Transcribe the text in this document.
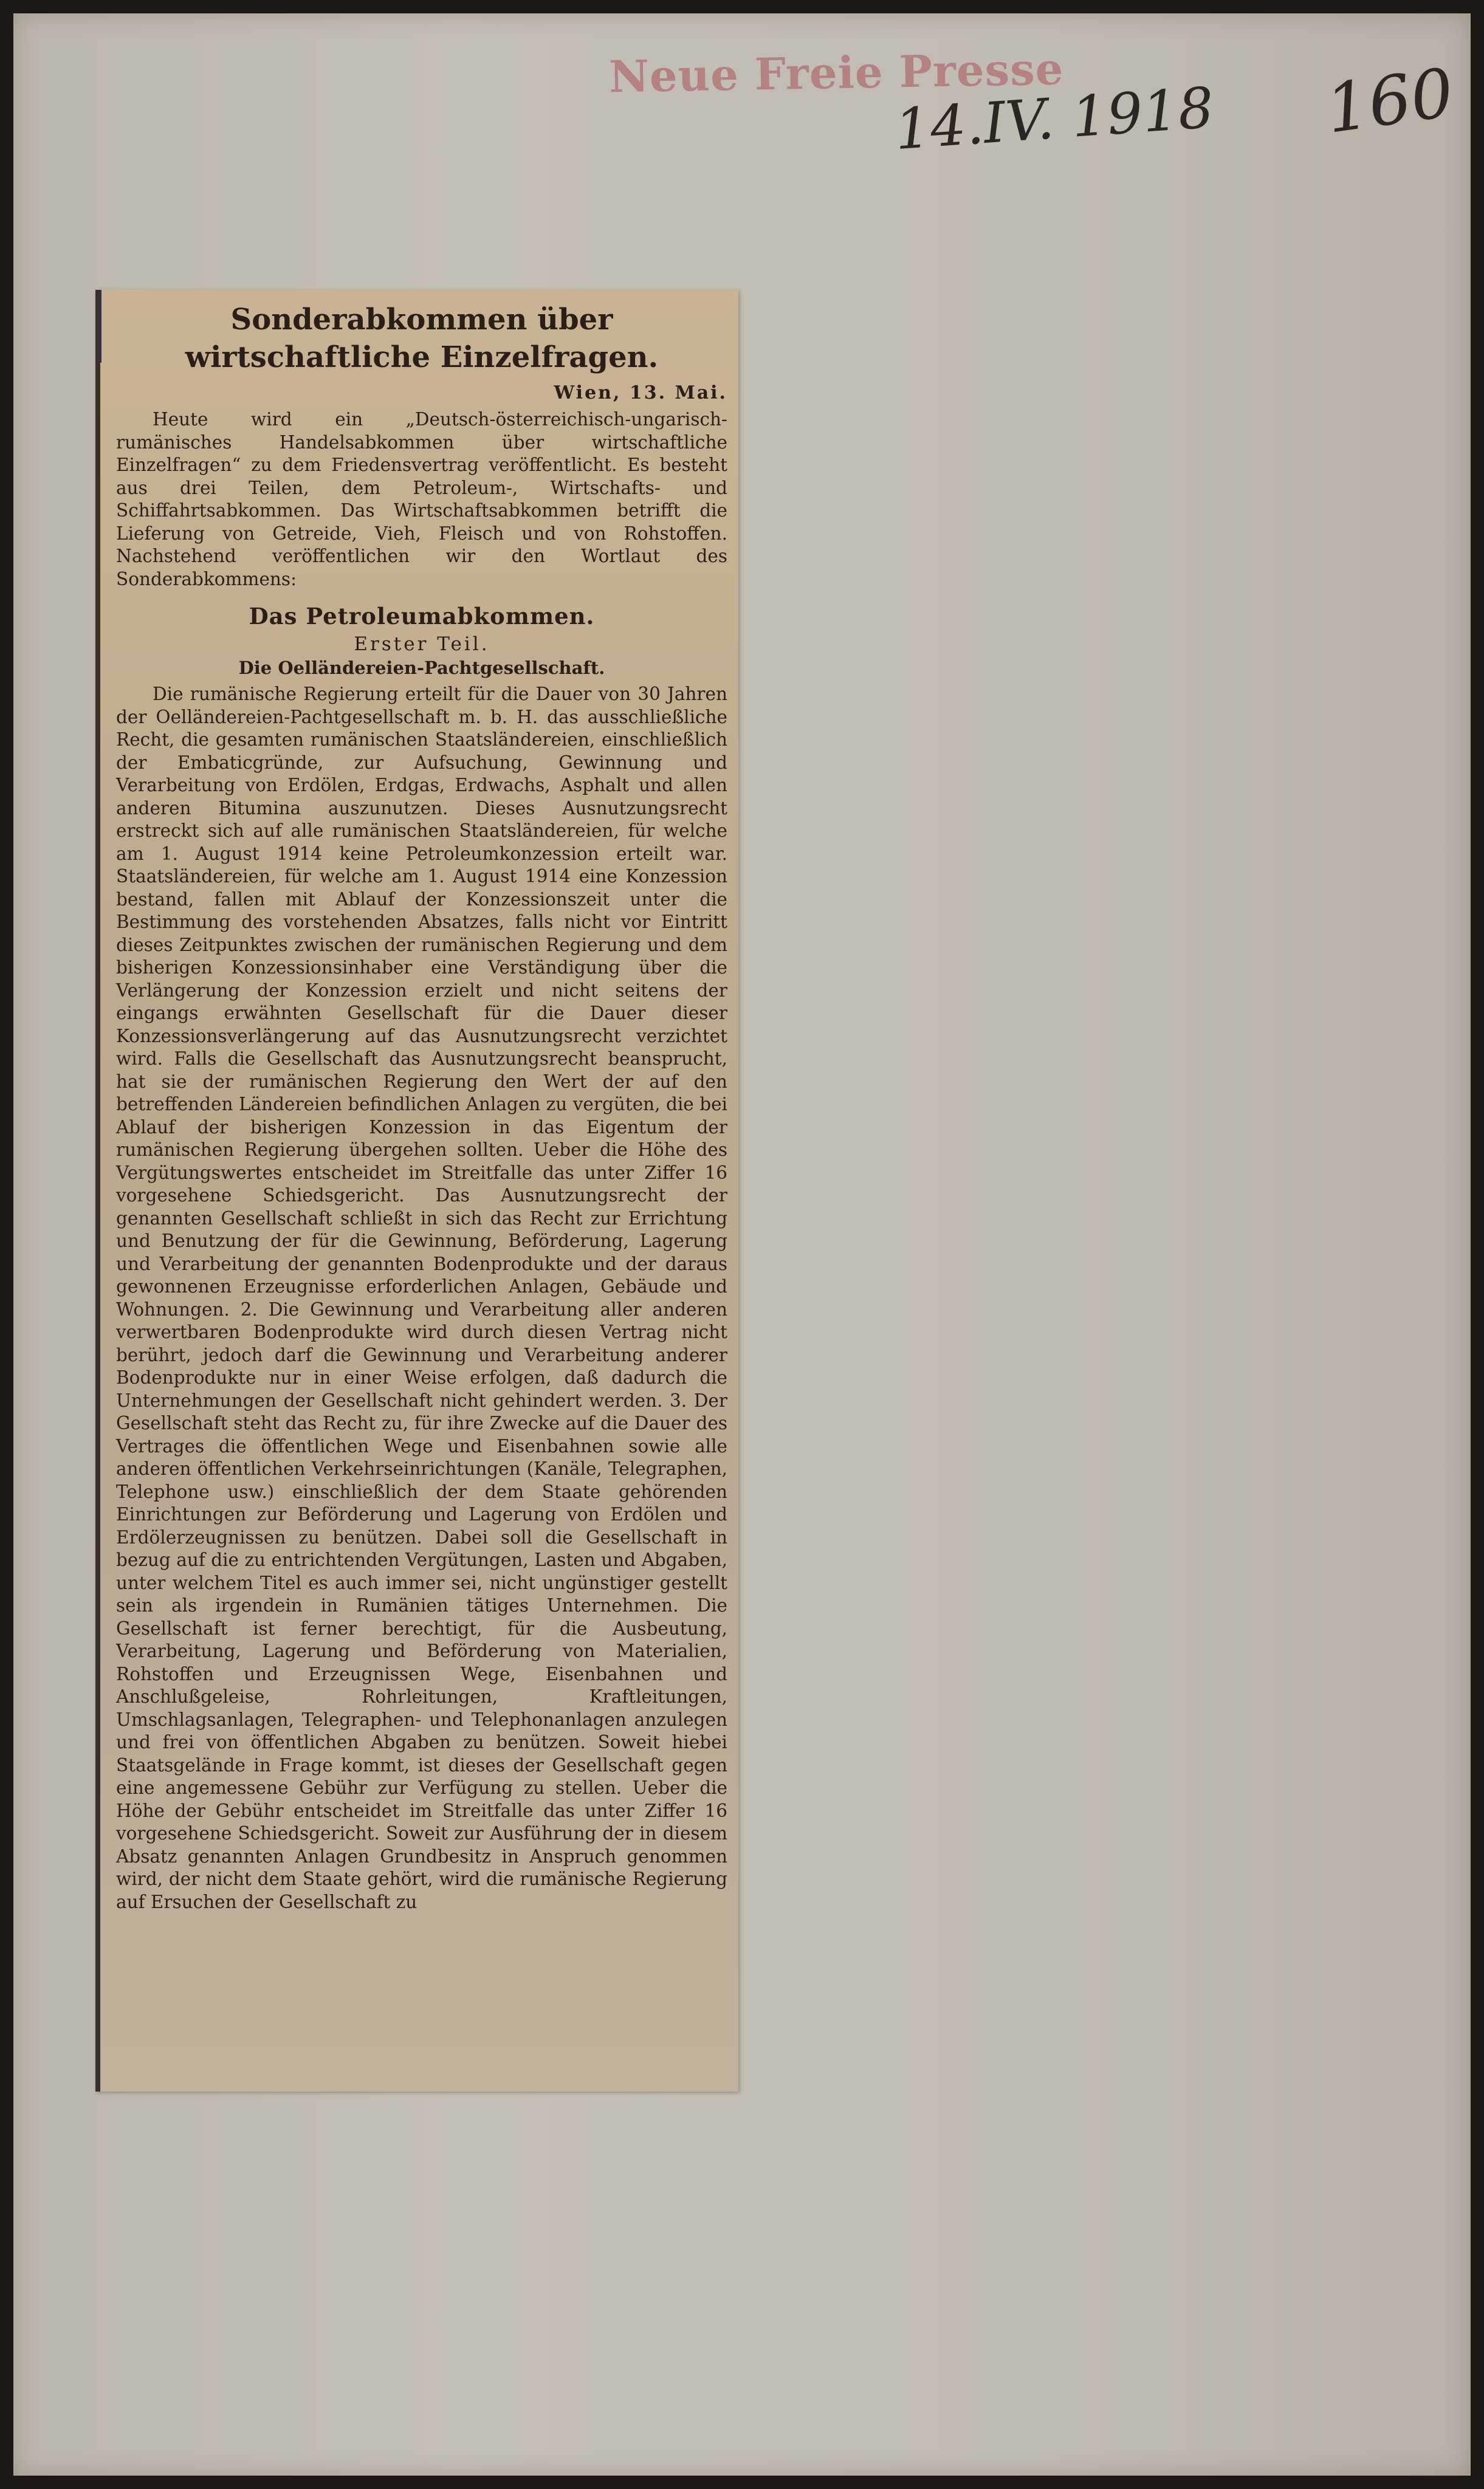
Neue Freie Presse
14.IV. 1918 160
Sonderabkommen über wirtschaftliche Einzelfragen.
Wien, 13. Mai.

Heute wird ein „Deutsch-österreichisch-ungarisch-rumänisches Handelsabkommen über wirtschaftliche Einzelfragen“ zu dem Friedensvertrag veröffentlicht. Es besteht aus drei Teilen, dem Petroleum-, Wirtschafts- und Schiffahrtsabkommen. Das Wirtschaftsabkommen betrifft die Lieferung von Getreide, Vieh, Fleisch und von Rohstoffen. Nachstehend veröffentlichen wir den Wortlaut des Sonderabkommens:

Das Petroleumabkommen.
Erster Teil.
Die Oelländereien-Pachtgesellschaft.

Die rumänische Regierung erteilt für die Dauer von 30 Jahren der Oelländereien-Pachtgesellschaft m. b. H. das ausschließliche Recht, die gesamten rumänischen Staatsländereien, einschließlich der Embaticgründe, zur Aufsuchung, Gewinnung und Verarbeitung von Erdölen, Erdgas, Erdwachs, Asphalt und allen anderen Bitumina auszunutzen. Dieses Ausnutzungsrecht erstreckt sich auf alle rumänischen Staatsländereien, für welche am 1. August 1914 keine Petroleumkonzession erteilt war. Staatsländereien, für welche am 1. August 1914 eine Konzession bestand, fallen mit Ablauf der Konzessionszeit unter die Bestimmung des vorstehenden Absatzes, falls nicht vor Eintritt dieses Zeitpunktes zwischen der rumänischen Regierung und dem bisherigen Konzessionsinhaber eine Verständigung über die Verlängerung der Konzession erzielt und nicht seitens der eingangs erwähnten Gesellschaft für die Dauer dieser Konzessionsverlängerung auf das Ausnutzungsrecht verzichtet wird. Falls die Gesellschaft das Ausnutzungsrecht beansprucht, hat sie der rumänischen Regierung den Wert der auf den betreffenden Ländereien befindlichen Anlagen zu vergüten, die bei Ablauf der bisherigen Konzession in das Eigentum der rumänischen Regierung übergehen sollten. Ueber die Höhe des Vergütungswertes entscheidet im Streitfalle das unter Ziffer 16 vorgesehene Schiedsgericht. Das Ausnutzungsrecht der genannten Gesellschaft schließt in sich das Recht zur Errichtung und Benutzung der für die Gewinnung, Beförderung, Lagerung und Verarbeitung der genannten Bodenprodukte und der daraus gewonnenen Erzeugnisse erforderlichen Anlagen, Gebäude und Wohnungen. 2. Die Gewinnung und Verarbeitung aller anderen verwertbaren Bodenprodukte wird durch diesen Vertrag nicht berührt, jedoch darf die Gewinnung und Verarbeitung anderer Bodenprodukte nur in einer Weise erfolgen, daß dadurch die Unternehmungen der Gesellschaft nicht gehindert werden. 3. Der Gesellschaft steht das Recht zu, für ihre Zwecke auf die Dauer des Vertrages die öffentlichen Wege und Eisenbahnen sowie alle anderen öffentlichen Verkehrseinrichtungen (Kanäle, Telegraphen, Telephone usw.) einschließlich der dem Staate gehörenden Einrichtungen zur Beförderung und Lagerung von Erdölen und Erdölerzeugnissen zu benützen. Dabei soll die Gesellschaft in bezug auf die zu entrichtenden Vergütungen, Lasten und Abgaben, unter welchem Titel es auch immer sei, nicht ungünstiger gestellt sein als irgendein in Rumänien tätiges Unternehmen. Die Gesellschaft ist ferner berechtigt, für die Ausbeutung, Verarbeitung, Lagerung und Beförderung von Materialien, Rohstoffen und Erzeugnissen Wege, Eisenbahnen und Anschlußgeleise, Rohrleitungen, Kraftleitungen, Umschlagsanlagen, Telegraphen- und Telephonanlagen anzulegen und frei von öffentlichen Abgaben zu benützen. Soweit hiebei Staatsgelände in Frage kommt, ist dieses der Gesellschaft gegen eine angemessene Gebühr zur Verfügung zu stellen. Ueber die Höhe der Gebühr entscheidet im Streitfalle das unter Ziffer 16 vorgesehene Schiedsgericht. Soweit zur Ausführung der in diesem Absatz genannten Anlagen Grundbesitz in Anspruch genommen wird, der nicht dem Staate gehört, wird die rumänische Regierung auf Ersuchen der Gesellschaft zu
